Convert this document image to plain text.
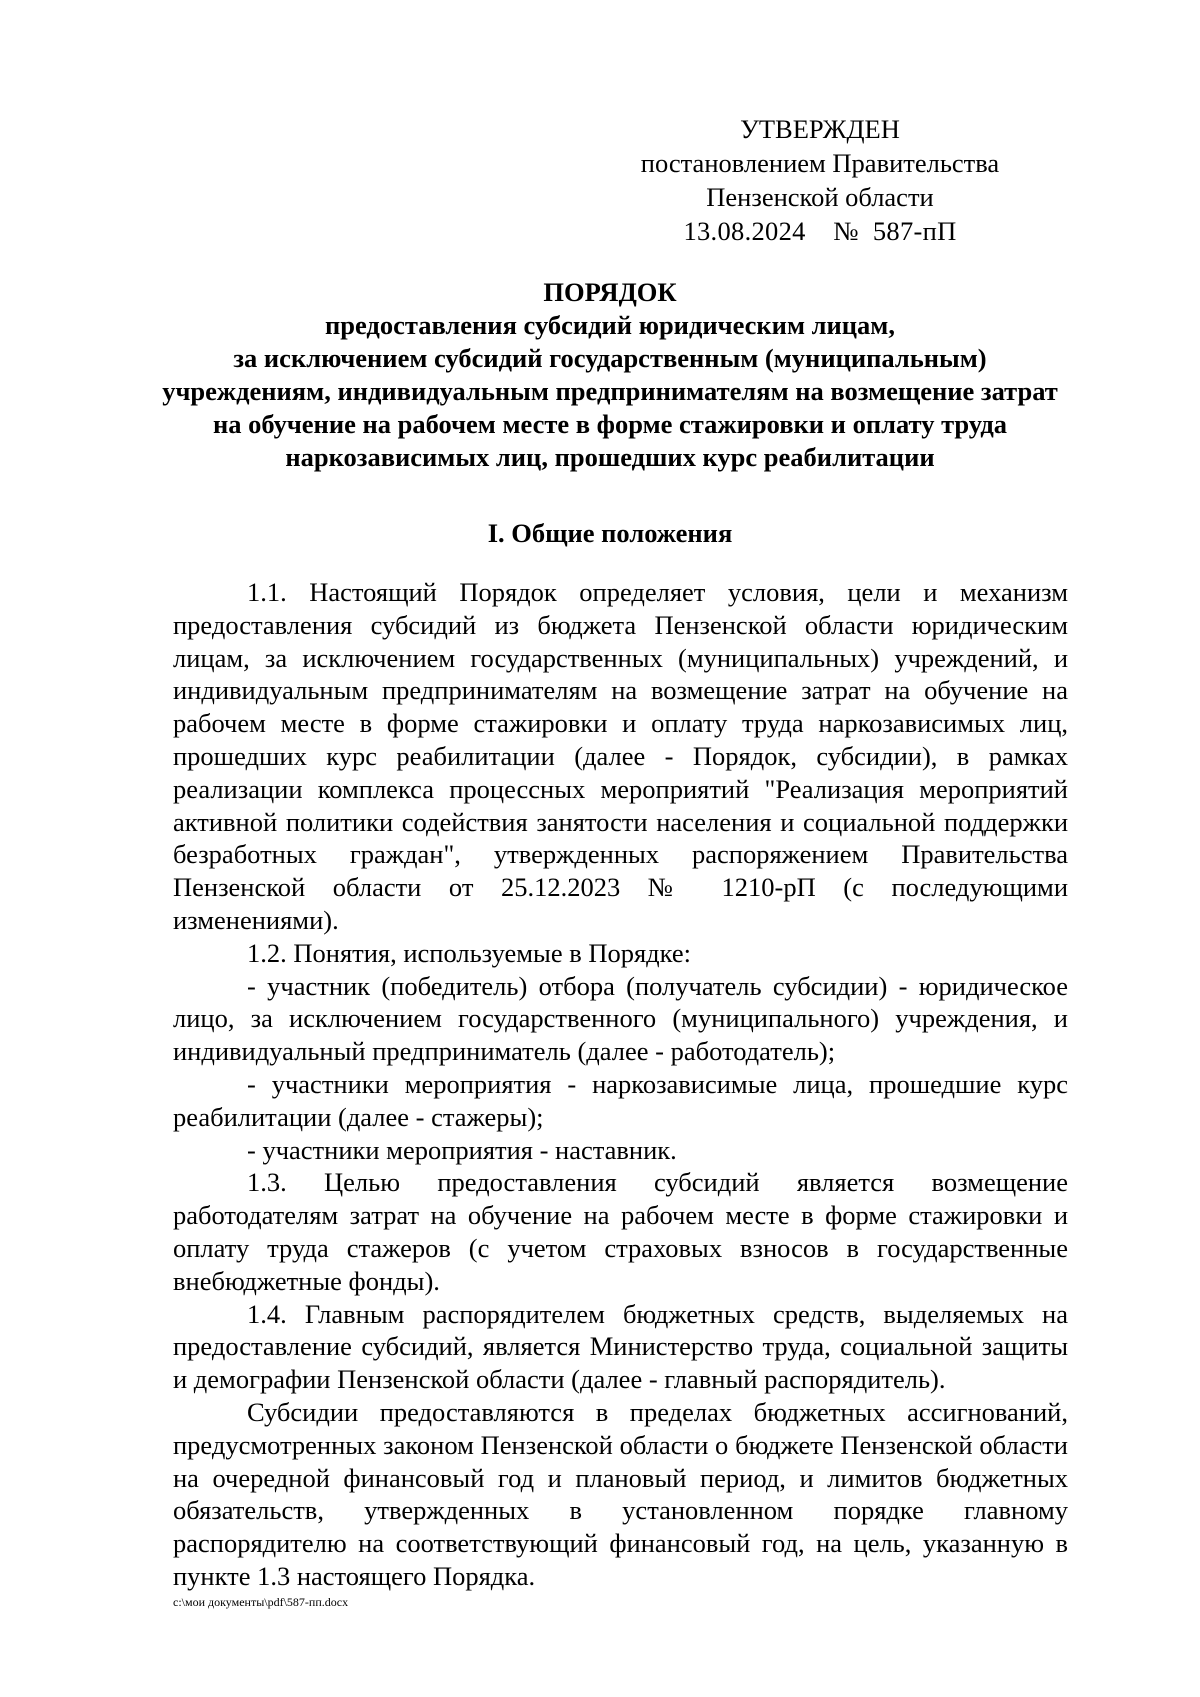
УТВЕРЖДЕН
постановлением Правительства
Пензенской области
13.08.2024 №  587-пП
ПОРЯДОК
предоставления субсидий юридическим лицам,
за исключением субсидий государственным (муниципальным)
учреждениям, индивидуальным предпринимателям на возмещение затрат
на обучение на рабочем месте в форме стажировки и оплату труда
наркозависимых лиц, прошедших курс реабилитации
I. Общие положения

1.1. Настоящий Порядок определяет условия, цели и механизм предоставления субсидий из бюджета Пензенской области юридическим лицам, за исключением государственных (муниципальных) учреждений, и индивидуальным предпринимателям на возмещение затрат на обучение на рабочем месте в форме стажировки и оплату труда наркозависимых лиц, прошедших курс реабилитации (далее - Порядок, субсидии), в рамках реализации комплекса процессных мероприятий "Реализация мероприятий активной политики содействия занятости населения и социальной поддержки безработных граждан", утвержденных распоряжением Правительства Пензенской области от 25.12.2023 № 1210-рП (с последующими изменениями).

1.2. Понятия, используемые в Порядке:

- участник (победитель) отбора (получатель субсидии) - юридическое лицо, за исключением государственного (муниципального) учреждения, и индивидуальный предприниматель (далее - работодатель);

- участники мероприятия - наркозависимые лица, прошедшие курс реабилитации (далее - стажеры);

- участники мероприятия - наставник.

1.3. Целью предоставления субсидий является возмещение работодателям затрат на обучение на рабочем месте в форме стажировки и оплату труда стажеров (с учетом страховых взносов в государственные внебюджетные фонды).

1.4. Главным распорядителем бюджетных средств, выделяемых на предоставление субсидий, является Министерство труда, социальной защиты и демографии Пензенской области (далее - главный распорядитель).

Субсидии предоставляются в пределах бюджетных ассигнований, предусмотренных законом Пензенской области о бюджете Пензенской области на очередной финансовый год и плановый период, и лимитов бюджетных обязательств, утвержденных в установленном порядке главному распорядителю на соответствующий финансовый год, на цель, указанную в пункте 1.3 настоящего Порядка.

c:\мои документы\pdf\587-пп.docx
